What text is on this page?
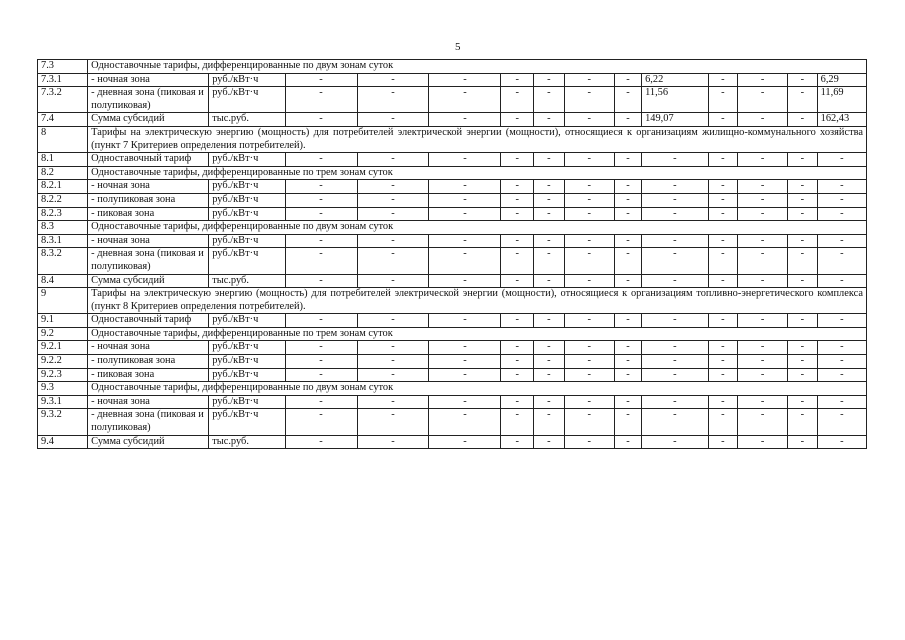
5
7.3	Одноставочные тарифы, дифференцированные по двум зонам суток													
7.3.1	- ночная зона	руб./кВт·ч	-	-	-	-	-	-	-	6,22	-	-	-	6,29
7.3.2	- дневная зона (пиковая и полупиковая)	руб./кВт·ч	-	-	-	-	-	-	-	11,56	-	-	-	11,69
7.4	Сумма субсидий	тыс.руб.	-	-	-	-	-	-	-	149,07	-	-	-	162,43
8	Тарифы на электрическую энергию (мощность) для потребителей электрической энергии (мощности), относящиеся к организациям жилищно-коммунального хозяйства (пункт 7 Критериев определения потребителей).													
8.1	Одноставочный тариф	руб./кВт·ч	-	-	-	-	-	-	-	-	-	-	-	-
8.2	Одноставочные тарифы, дифференцированные по трем зонам суток													
8.2.1	- ночная зона	руб./кВт·ч	-	-	-	-	-	-	-	-	-	-	-	-
8.2.2	- полупиковая зона	руб./кВт·ч	-	-	-	-	-	-	-	-	-	-	-	-
8.2.3	- пиковая зона	руб./кВт·ч	-	-	-	-	-	-	-	-	-	-	-	-
8.3	Одноставочные тарифы, дифференцированные по двум зонам суток													
8.3.1	- ночная зона	руб./кВт·ч	-	-	-	-	-	-	-	-	-	-	-	-
8.3.2	- дневная зона (пиковая и полупиковая)	руб./кВт·ч	-	-	-	-	-	-	-	-	-	-	-	-
8.4	Сумма субсидий	тыс.руб.	-	-	-	-	-	-	-	-	-	-	-	-
9	Тарифы на электрическую энергию (мощность) для потребителей электрической энергии (мощности), относящиеся к организациям топливно-энергетического комплекса (пункт 8 Критериев определения потребителей).													
9.1	Одноставочный тариф	руб./кВт·ч	-	-	-	-	-	-	-	-	-	-	-	-
9.2	Одноставочные тарифы, дифференцированные по трем зонам суток													
9.2.1	- ночная зона	руб./кВт·ч	-	-	-	-	-	-	-	-	-	-	-	-
9.2.2	- полупиковая зона	руб./кВт·ч	-	-	-	-	-	-	-	-	-	-	-	-
9.2.3	- пиковая зона	руб./кВт·ч	-	-	-	-	-	-	-	-	-	-	-	-
9.3	Одноставочные тарифы, дифференцированные по двум зонам суток													
9.3.1	- ночная зона	руб./кВт·ч	-	-	-	-	-	-	-	-	-	-	-	-
9.3.2	- дневная зона (пиковая и полупиковая)	руб./кВт·ч	-	-	-	-	-	-	-	-	-	-	-	-
9.4	Сумма субсидий	тыс.руб.	-	-	-	-	-	-	-	-	-	-	-	-
